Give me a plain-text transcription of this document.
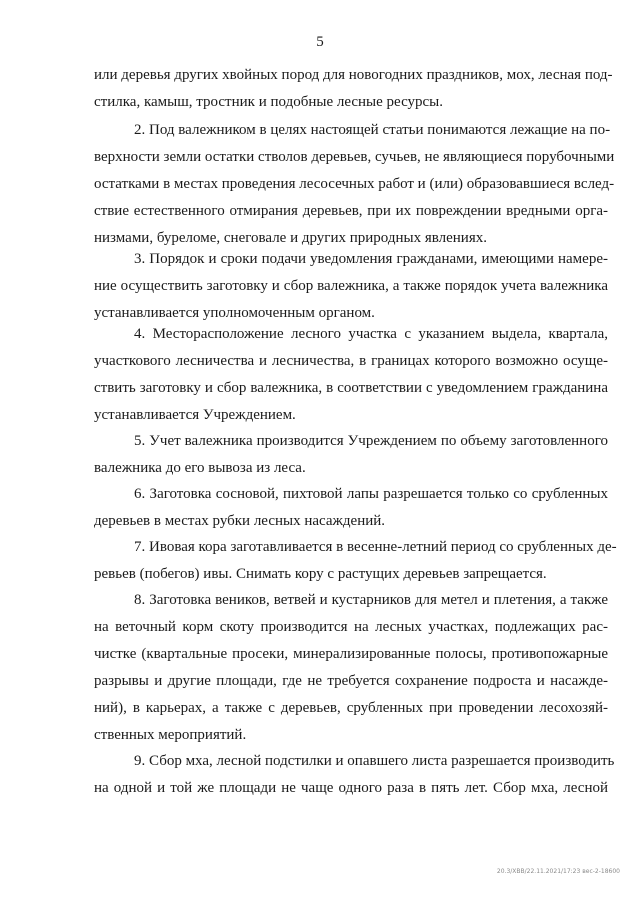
5
или деревья других хвойных пород для новогодних праздников, мох, лесная под-
стилка, камыш, тростник и подобные лесные ресурсы.
2. Под валежником в целях настоящей статьи понимаются лежащие на по-
верхности земли остатки стволов деревьев, сучьев, не являющиеся порубочными
остатками в местах проведения лесосечных работ и (или) образовавшиеся вслед-
ствие естественного отмирания деревьев, при их повреждении вредными орга-
низмами, буреломе, снеговале и других природных явлениях.
3. Порядок и сроки подачи уведомления гражданами, имеющими намере-
ние осуществить заготовку и сбор валежника, а также порядок учета валежника
устанавливается уполномоченным органом.
4. Месторасположение лесного участка с указанием выдела, квартала,
участкового лесничества и лесничества, в границах которого возможно осуще-
ствить заготовку и сбор валежника, в соответствии с уведомлением гражданина
устанавливается Учреждением.
5. Учет валежника производится Учреждением по объему заготовленного
валежника до его вывоза из леса.
6. Заготовка сосновой, пихтовой лапы разрешается только со срубленных
деревьев в местах рубки лесных насаждений.
7. Ивовая кора заготавливается в весенне-летний период со срубленных де-
ревьев (побегов) ивы. Снимать кору с растущих деревьев запрещается.
8. Заготовка веников, ветвей и кустарников для метел и плетения, а также
на веточный корм скоту производится на лесных участках, подлежащих рас-
чистке (квартальные просеки, минерализированные полосы, противопожарные
разрывы и другие площади, где не требуется сохранение подроста и насажде-
ний), в карьерах, а также с деревьев, срубленных при проведении лесохозяй-
ственных мероприятий.
9. Сбор мха, лесной подстилки и опавшего листа разрешается производить
на одной и той же площади не чаще одного раза в пять лет. Сбор мха, лесной
20.3/ХВВ/22.11.2021/17:23 вес-2-18600
